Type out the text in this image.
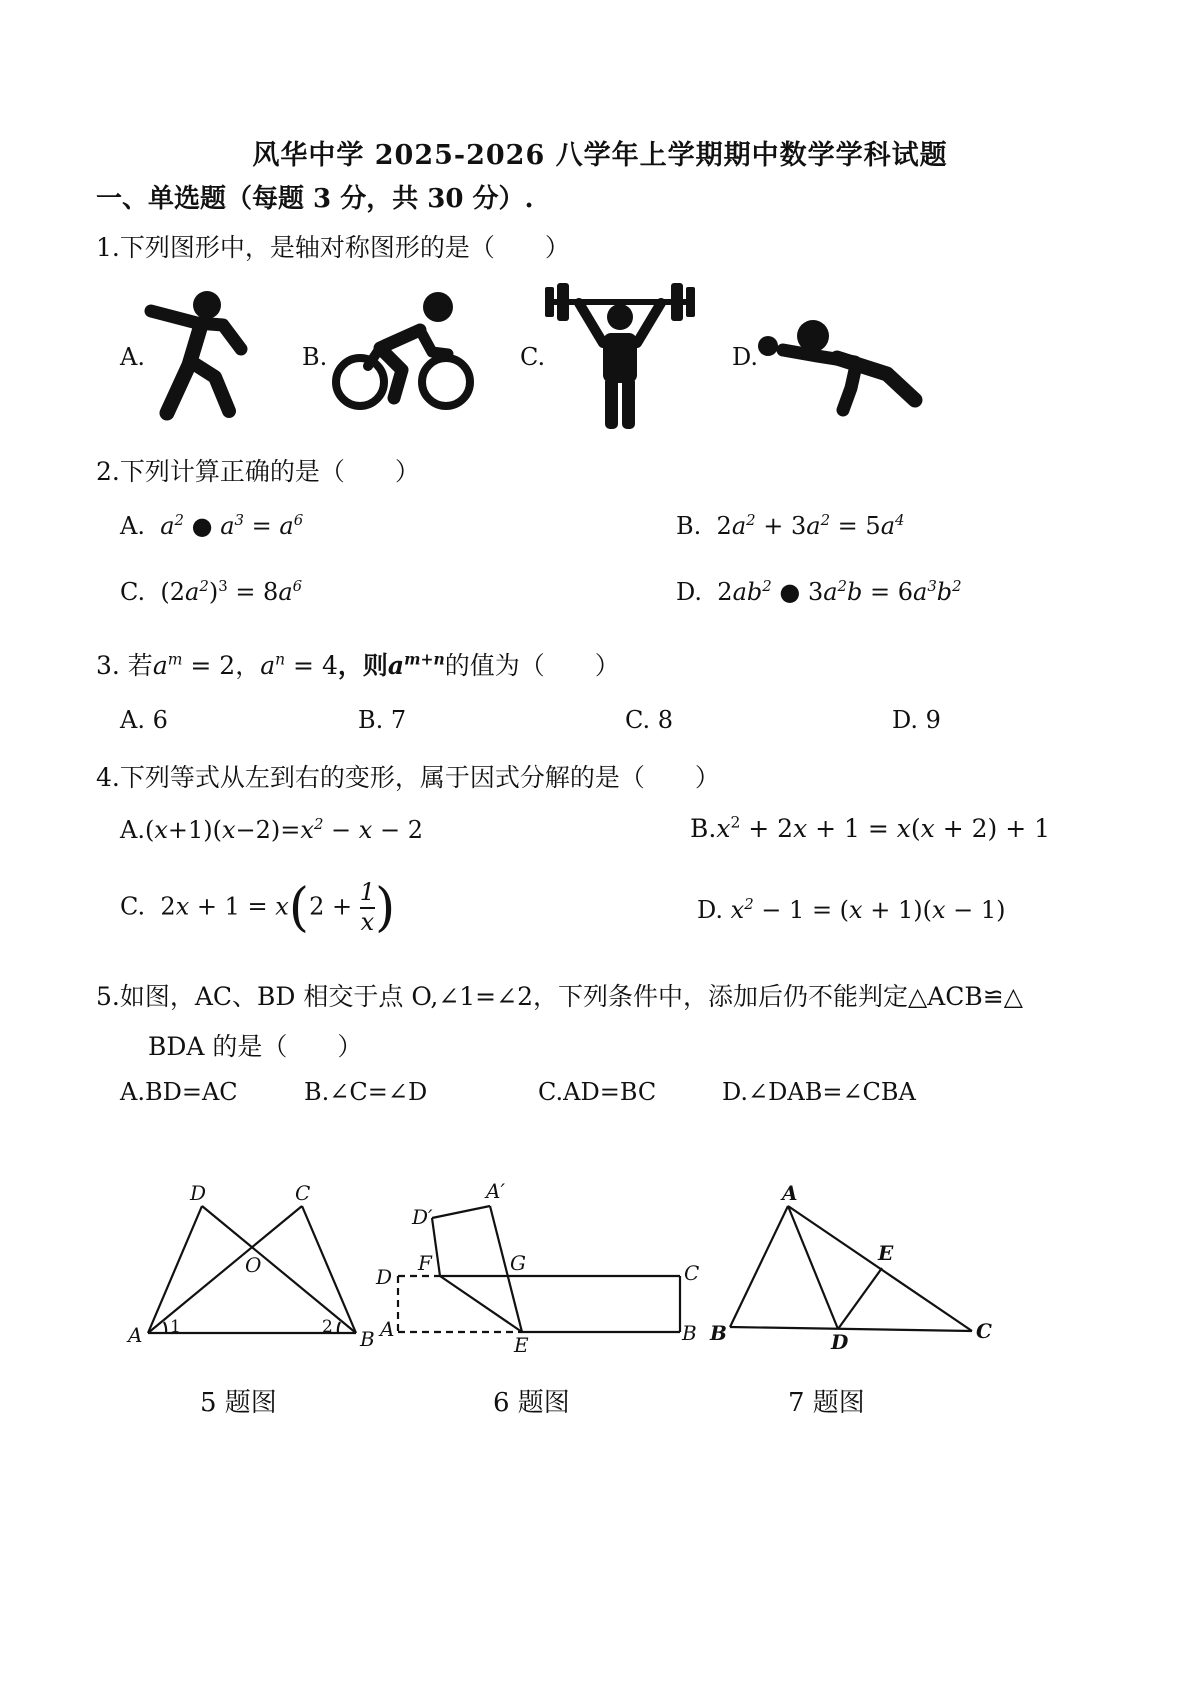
风华中学 2025-2026 八学年上学期期中数学学科试题
一、单选题（每题 3 分，共 30 分）.
1.下列图形中，是轴对称图形的是（　　）
A.	B.	C.	D.
2.下列计算正确的是（　　）
A. $a^2$ ● $a^3 = a^6$	B. $2a^2 + 3a^2 = 5a^4$
C. $(2a^2)^3 = 8a^6$	D. $2ab^2$ ● $3a^2b = 6a^3b^2$
3. 若$a^m = 2$，$a^n = 4$，则$a^{m+n}$的值为（　　）
A. 6	B. 7	C. 8	D. 9
4.下列等式从左到右的变形，属于因式分解的是（　　）
$A.(x+1)(x-2)=x^2 - x - 2$	$B.x^2 + 2x + 1 = x(x + 2) + 1$
C. $2x + 1 = x(2 + \frac{1}{x}$ )	D. $x^2 - 1 = (x + 1)(x - 1)$
5.如图，AC、BD 相交于点 O,∠1=∠2，下列条件中，添加后仍不能判定△ACB≌△
BDA 的是（　　）
A.BD=AC	B.∠C=∠D	C.AD=BC	D.∠DAB=∠CBA
D	C
O
A	B
1	2
D′
A′
F	G
D	C
A
E	B
A
E
B	D	C
5 题图	6 题图	7 题图
